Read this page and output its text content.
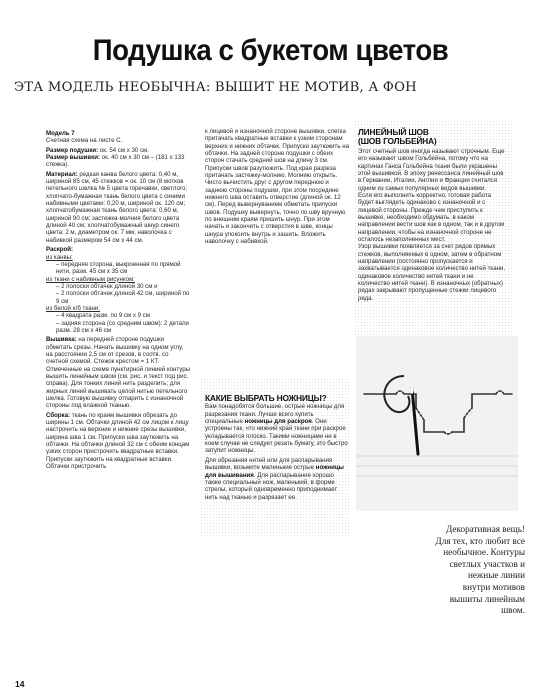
Подушка с букетом цветов
ЭТА МОДЕЛЬ НЕОБЫЧНА: ВЫШИТ НЕ МОТИВ, А ФОН

Модель 7

Счетная схема на листе С.

Размер подушки: ок. 54 см х 30 см.

Размер вышивки: ок. 40 см х 30 см – (181 х 133 стежка).

Материал: редкая канва белого цвета: 0,40 м, шириной 85 см, 45 стежков = ок. 10 см (8 мотков петельного шелка № 5 цвета горечавки, светлого; хлопчато-бумажная ткань белого цвета с синими набивными цветами: 0,20 м, шириной ок. 120 см; хлопчатобумажная ткань белого цвета: 0,60 м, шириной 90 см; застежка-молния белого цвета длиной 40 см; хлопчатобумажный шнур синего цвета: 2 м, диаметром ок. 7 мм; наволочка с набивкой размером 54 см х 44 см.

Раскрой:

из канвы:

– передняя сторона, выкроенная по прямой нити, разм. 45 см х 35 см

из ткани с набивным рисунком:

– 2 полоски обтачек длиной 30 см и

– 2 полоски обтачек длиной 42 см, шириной по 9 см

из белой х/б ткани:

– 4 квадрата разм. по 9 см х 9 см

– задняя сторона (со средним швом): 2 детали разм. 28 см х 46 см

Вышивка: на передней стороне подушки обметать срезы. Начать вышивку на одном углу, на расстоянии 2,5 см от срезов, в соотв. со счетной схемой. Стежок крестом = 1 КТ. Отмеченные на схеме пунктирной линией контуры вышить линейным швом (см. рис. и текст под рис. справа). Для тонких линий нить разделить; для жирных линий вышивать целой нитью петельного шелка. Готовую вышивку отпарить с изнаночной стороны под влажной тканью.

Сборка: ткань по краям вышивки обрезать до ширины 1 см. Обтачки длиной 42 см лицом к лицу настрочить на верхние и нижние срезы вышивки, ширина шва 1 см. Припуски шва заутюжить на обтачки. На обтачки длиной 32 см с обеим концам узких сторон пристрочить квадратные вставки. Припуски заутюжить на квадратные вставки. Обтачки пристрочить

к лицевой и изнаночной стороне вышивки, слегка притачать квадратные вставки к узким сторонам верхних и нижних обтачек. Припуски заутюжить на обтачки. На задней стороне подушки с обеих сторон стачать средний шов на длину 3 см. Припуски швов разутюжить. Под края разреза притачать застежку-молнию. Молнию открыть. Чисто вычистить друг с другом переднюю и заднюю стороны подушки, при этом посредине нижнего шва оставить отверстие (длиной ок. 12 см). Перед вывернуванием обметать припуски швов. Подушку вывернуть, точно по шву вручную по внешним краям пришить шнур. При этом начать и закончить с отверстия в шве, концы шнура упокоить внутрь и зашить. Вложить наволочку с набивкой.

КАКИЕ ВЫБРАТЬ НОЖНИЦЫ?

Вам понадобятся большие, острые ножницы для разрезания ткани. Лучше всего купить специальные ножницы для раскроя. Они устроены так, что нижний край ткани при раскрое укладывается плоско. Такими ножницами ни в коем случае не следует резать бумагу, это быстро затупит ножницы.

Для обрезания нитей или для распарывания вышивки, возьмите маленькие острые ножницы для вышивания. Для распарывания хорошо также специальный нож, маленький, в форме стрелы, который одновременно приподнимает нить над тканью и разрезает ее.

ЛИНЕЙНЫЙ ШОВ
(ШОВ ГОЛЬБЕЙНА)

Этот счетный шов иногда называют строчным. Еще его называют швом Гольбейна, потому что на картинах Ганса Гольбейна ткани были украшены этой вышивкой. В эпоху ренессанса линейный шов в Германии, Италии, Англии и Франции считался одним из самых популярных видов вышивки.

Если его выполнить корректно, готовая работа будет выглядеть одинаково с изнаночной и с лицевой стороны. Прежде чем приступить к вышивке, необходимо обдумать, в каком направлении вести шов как в одном, так и в другом направлении, чтобы на изнаночной стороне не осталось незаполненных мест.

Узор вышивки появляется за счет рядов прямых стежков, выполняемых в одном, затем в обратном направлении (постоянно пропускается и захватывается одинаковое количество нитей ткани, одинаковое количество нитей ткани и не количество нитей ткани). В изнаночных (обратных) рядах закрывают пропущенные стежки лицевого ряда.

Декоративная вещь!
Для тех, кто любит все
необычное. Контуры
светлых участков и
нежные линии
внутри мотивов
вышиты линейным
швом.
14
